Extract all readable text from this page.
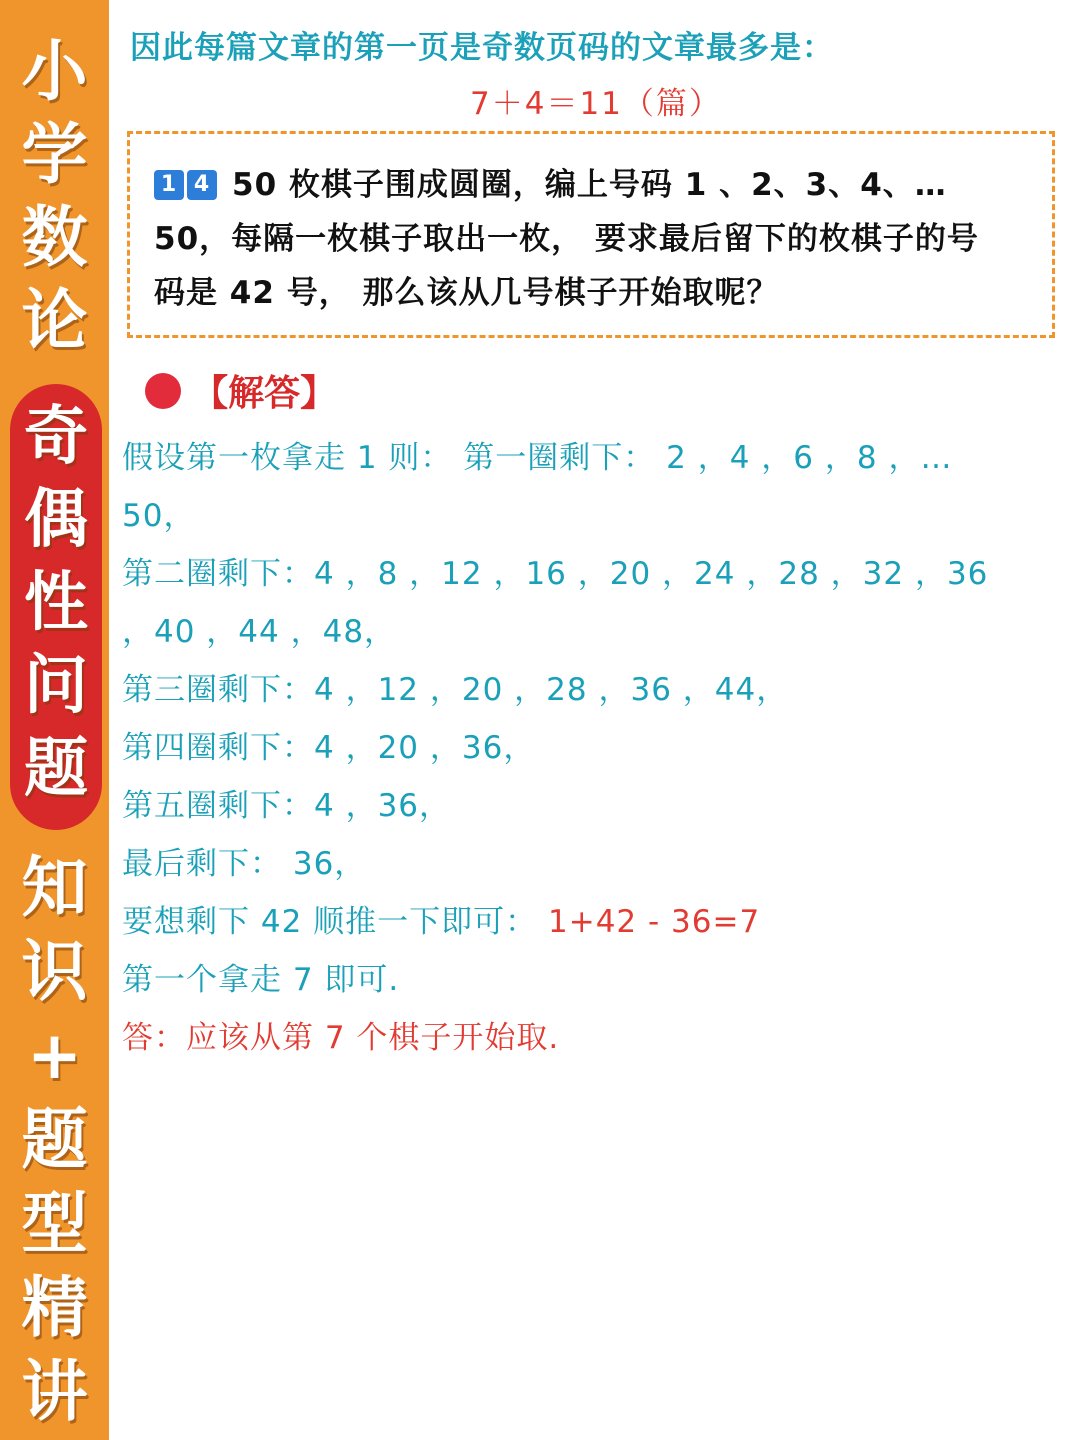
小
学
数
论
奇
偶
性
问
题
知
识
+
题
型
精
讲
因此每篇文章的第一页是奇数页码的文章最多是：
7＋4＝11（篇）
1 4 50 枚棋子围成圆圈，编上号码 1 、2、3、4、…
50，每隔一枚棋子取出一枚， 要求最后留下的枚棋子的号
码是 42 号， 那么该从几号棋子开始取呢？
【解答】
假设第一枚拿走 1 则： 第一圈剩下： 2 ，4 ，6 ，8 ，…
50，
第二圈剩下：4 ，8 ，12 ，16 ，20 ，24 ，28 ，32 ，36
，40 ，44 ，48，
第三圈剩下：4 ，12 ，20 ，28 ，36 ，44，
第四圈剩下：4 ，20 ，36，
第五圈剩下：4 ，36，
最后剩下： 36，
要想剩下 42 顺推一下即可： 1+42 - 36=7
第一个拿走 7 即可.
答：应该从第 7 个棋子开始取.
